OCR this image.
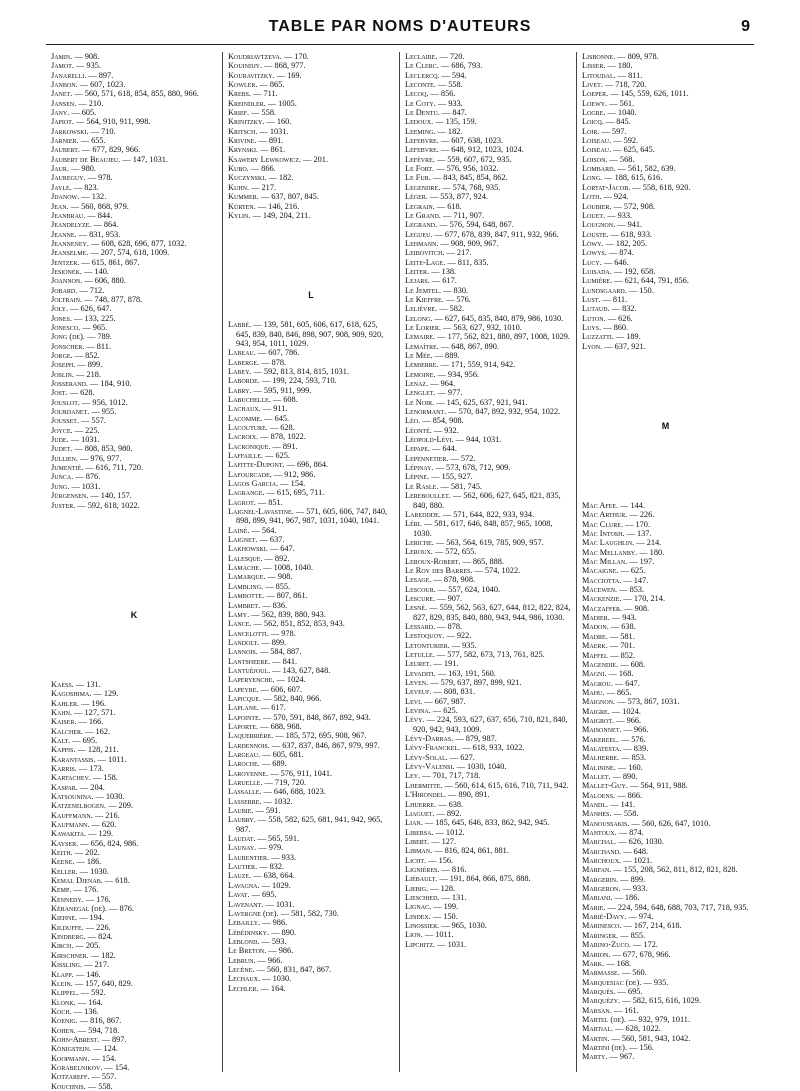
TABLE PAR NOMS D'AUTEURS	9
Jamin. — 908.
Jamot. — 935.
Janarelli. — 897.
Janbon. — 607, 1023.
Janet. — 560, 571, 618, 854, 855, 880, 966.
Jansen. — 210.
Jany. — 605.
Japiot. — 564, 910, 911, 998.
Jarkowski. — 710.
Jarnier. — 655.
Jaubert. — 677, 829, 966.
Jaubert de Beaujeu. — 147, 1031.
Jaur. — 980.
Jaureguy. — 978.
Jayle. — 823.
Jdanow. — 132.
Jean. — 560, 868, 979.
Jeanbrau. — 844.
Jeandelyze. — 864.
Jeanne. — 831, 953.
Jeanneney. — 608, 628, 696, 877, 1032.
Jeanselme. — 207, 574, 618, 1009.
Jentzer. — 615, 861, 867.
Jesionek. — 140.
Joannon. — 606, 880.
Jobard. — 712.
Joltrain. — 748, 877, 878.
Joly. — 626, 647.
Jones. — 133, 225.
Jonesco. — 965.
Jong (de). — 789.
Jonscher. — 811.
Jorge. — 852.
Joseph. — 899.
Joslin. — 218.
Josserand. — 184, 910.
Jost. — 628.
Jouslot. — 956, 1012.
Jourdanet. — 955.
Jousset. — 557.
Joyce. — 225.
Jude. — 1031.
Judet. — 808, 853, 980.
Jullien. — 976, 977.
Jumentié. — 616, 711, 720.
Junca. — 876.
Jung. — 1031.
Jürgensen. — 140, 157.
Juster. — 592, 618, 1022.
K
Kaess. — 131.
Kagoshima. — 129.
Kahler. — 196.
Kahn. — 127, 571.
Kaiser. — 166.
Kalcher. — 162.
Kalt. — 695.
Kappis. — 128, 211.
Karantassis. — 1011.
Karris. — 173.
Kartachev. — 158.
Kaspar. — 204.
Katsounina. — 1030.
Katzenelbogen. — 209.
Kauffmann. — 216.
Kaufmann. — 620.
Kawakita. — 129.
Kayser. — 656, 824, 986.
Keith. — 202.
Keene. — 186.
Keller. — 1030.
Kemal Djenab. — 618.
Kemp. — 176.
Kennedy. — 176.
Kéranegal (de). — 876.
Kiehne. — 194.
Kilduffe. — 226.
Kindberg. — 824.
Kirch. — 205.
Kirschner. — 182.
Kissling. — 217.
Klapp. — 146.
Klein. — 157, 640, 829.
Klippel. — 592.
Klonk. — 164.
Koch. — 136.
Koenig. — 816, 867.
Kohen. — 594, 718.
Kohn-Abrest. — 897.
Königstein. — 124.
Koopmann. — 154.
Korabelnikov. — 154.
Kotzareff. — 557.
Kouchnis. — 558.
Koudriavtzeva. — 170.
Kouindjy. — 868, 977.
Kouravitzky. — 169.
Kowler. — 865.
Krebs. — 711.
Kreindler. — 1005.
Krief. — 558.
Krinitzky. — 160.
Kritsch. — 1031.
Krivine. — 891.
Krynski. — 861.
Ksawery Lewkowicz. — 201.
Kubo. — 866.
Kuczynski. — 182.
Kuhn. — 217.
Kummer. — 637, 807, 845.
Kürten. — 146, 216.
Kylin. — 149, 204, 211.
L
Labbé. — 139, 581, 605, 606, 617, 618, 625, 645, 839, 840, 846, 898, 907, 908, 909, 920, 943, 954, 1011, 1029.
Labeau. — 607, 786.
Laberge. — 878.
Labey. — 592, 813, 814, 815, 1031.
Laborde. — 199, 224, 593, 710.
Labry. — 595, 911, 999.
Labuchelle. — 608.
Lachaux. — 911.
Lacomme. — 645.
Lacouture. — 628.
Lacroix. — 878, 1022.
Lacronique. — 891.
Laffaille. — 625.
Lafitte-Dupont. — 696, 864.
Lafourcade. — 912, 986.
Lagos Garcia. — 154.
Lagrange. — 615, 695, 711.
Lagrot. — 851.
Laignel-Lavastine. — 571, 605, 606, 747, 840, 898, 899, 941, 967, 987, 1031, 1040, 1041.
Lainé. — 564.
Laignet. — 637.
Lakhowski. — 647.
Lalesque. — 892.
Lamache. — 1008, 1040.
Lamarque. — 908.
Lambling. — 855.
Lambotte. — 807, 861.
Lambret. — 836.
Lamy. — 562, 839, 880, 943.
Lance. — 562, 851, 852, 853, 943.
Lancelotti. — 978.
Landolt. — 899.
Lannois. — 584, 887.
Lantsheere. — 841.
Lantuéjoul. — 143, 627, 848.
Laperyenche. — 1024.
Lapeyre. — 606, 607.
Lapicque. — 582, 840, 966.
Laplane. — 617.
Lapointe. — 570, 591, 848, 867, 892, 943.
Laporte. — 688, 968.
Laquerrière. — 185, 572, 695, 908, 967.
Lardennois. — 637, 837, 846, 867, 979, 997.
Largeau. — 605, 681.
Laroche. — 689.
Laroyenne. — 576, 911, 1041.
Laruelle. — 719, 720.
Lassalle. — 646, 688, 1023.
Lasserre. — 1032.
Laubie. — 591.
Laubry. — 558, 582, 625, 681, 941, 942, 965, 987.
Laudat. — 565, 591.
Launay. — 979.
Laurentier. — 933.
Lautier. — 832.
Lauze. — 638, 664.
Lavagna. — 1029.
Lavat. — 695.
Lavenant. — 1031.
Lavergne (de). — 581, 582, 730.
Lebailly. — 986.
Lébédinsky. — 890.
Leblond. — 593.
Le Breton. — 986.
Lebrun. — 966.
Lecène. — 560, 831, 847, 867.
Lechaux. — 1030.
Lechler. — 164.
Leclaire. — 720.
Le Clerc. — 686, 793.
Leclercq. — 594.
Leconte. — 558.
Lecoq. — 856.
Le Coty. — 933.
Le Dentu. — 847.
Ledoux. — 135, 159.
Leeming. — 182.
Lefebvre. — 607, 638, 1023.
Lefebvre. — 648, 912, 1023, 1024.
Lefèvre. — 559, 607, 672, 935.
Le Fort. — 576, 956, 1032.
Le Fur. — 843, 845, 854, 862.
Legendre. — 574, 768, 935.
Léger. — 553, 877, 924.
Legrain. — 618.
Le Grand. — 711, 907.
Legrand. — 576, 594, 648, 867.
Legueu. — 677, 678, 839, 847, 911, 932, 966.
Lehmann. — 908, 909, 967.
Leibovitch. — 217.
Leite-Lage. — 811, 835.
Leiter. — 138.
Lejars. — 617.
Le Jemtel. — 830.
Le Kieffre. — 576.
Lelièvre. — 582.
Lelong. — 627, 645, 835, 840, 879, 986, 1030.
Le Lorier. — 563, 627, 932, 1010.
Lemaire. — 177, 562, 821, 880, 897, 1008, 1029.
Lemaître. — 648, 867, 890.
Le Mée. — 889.
Lemierre. — 171, 559, 914, 942.
Lemoine. — 934, 956.
Lenaz. — 964.
Lenglet. — 977.
Le Noir. — 145, 625, 637, 921, 941.
Lenormant. — 570, 847, 892, 932, 954, 1022.
Léo. — 854, 908.
Léonté. — 932.
Léopold-Lévi. — 944, 1031.
Lepape. — 644.
Lepennetier. — 572.
Lépinay. — 573, 678, 712, 909.
Lépine. — 155, 927.
Le Rasle. — 581, 745.
Lereboullet. — 562, 606, 627, 645, 821, 835, 840, 880.
Lareddde. — 571, 644, 822, 933, 934.
Léri. — 581, 617, 646, 848, 857, 965, 1008, 1030.
Leriche. — 563, 564, 619, 785, 909, 957.
Leroux. — 572, 655.
Leroux-Robert. — 865, 888.
Le Roy des Barres. — 574, 1022.
Lesage. — 878, 908.
Lescour. — 557, 624, 1040.
Lescure. — 907.
Lesné. — 559, 562, 563, 627, 644, 812, 822, 824, 827, 829, 835, 840, 880, 943, 944, 986, 1030.
Lessard. — 878.
Lestoquoy. — 922.
Letonturier. — 935.
Letulle. — 577, 582, 673, 713, 761, 825.
Leuret. — 191.
Levaditi. — 163, 191, 560.
Leven. — 579, 637, 897, 899, 921.
Leveuf. — 808, 831.
Levi. — 667, 987.
Levina. — 625.
Lévy. — 224, 593, 627, 637, 656, 710, 821, 840, 920, 942, 943, 1009.
Lévy-Darras. — 879, 987.
Lévy-Franckel. — 618, 933, 1022.
Lévy-Solal. — 627.
Lévy-Valensi. — 1030, 1040.
Ley. — 701, 717, 718.
Lhermitte. — 560, 614, 615, 616, 710, 711, 942.
L'Hirondel. — 890, 891.
Lhuerre. — 638.
Liaguet. — 892.
Lian. — 185, 645, 646, 833, 862, 942, 945.
Libersa. — 1012.
Libert. — 127.
Libman. — 816, 824, 861, 881.
Licht. — 156.
Lignières. — 816.
Liébault. — 191, 864, 866, 875, 888.
Liebig. — 128.
Lieschied. — 131.
Lignac. — 199.
Lindex. — 150.
Linossier. — 965, 1030.
Lion. — 1011.
Lipchitz. — 1031.
Lisbonne. — 809, 978.
Lisser. — 180.
Litoudal. — 811.
Livet. — 718, 720.
Loeper. — 145, 559, 626, 1011.
Loewy. — 561.
Logre. — 1040.
Loicq. — 845.
Loir. — 597.
Loiseau. — 592.
Loiseau. — 625, 645.
Loison. — 568.
Lombard. — 561, 582, 639.
Long. — 188, 615, 616.
Lortat-Jacob. — 558, 618, 920.
Loth. — 924.
Loubier. — 572, 908.
Louet. — 933.
Lougnon. — 941.
Louste. — 618, 933.
Löwy. — 182, 205.
Lowys. — 874.
Lucy. — 646.
Luisada. — 192, 658.
Lumière. — 621, 644, 791, 856.
Lundsgaard. — 150.
Lust. — 811.
Lutaud. — 832.
Luton. — 626.
Luys. — 860.
Luzzatti. — 189.
Lyon. — 637, 921.
M
Mac Afee. — 144.
Mac Arthur. — 226.
Mac Clure. — 170.
Mac Intosh. — 137.
Mac Laughlin. — 214.
Mac Mellanby. — 180.
Mac Millan. — 197.
Macaigne. — 625.
Macciotta. — 147.
Macewen. — 853.
Mackenzie. — 170, 214.
Maczaffer. — 908.
Madier. — 943.
Madon. — 638.
Madre. — 581.
Maerk. — 701.
Maffei. — 852.
Magendie. — 608.
Magni. — 168.
Magrou. — 647.
Mahu. — 865.
Maignon. — 573, 867, 1031.
Maigre. — 1024.
Maigrot. — 966.
Maisonnet. — 966.
Makereel. — 576.
Malatesta. — 839.
Malherbe. — 853.
Malinine. — 160.
Mallet. — 890.
Mallet-Guy. — 564, 911, 988.
Maloens. — 866.
Mandl. — 141.
Manhes. — 558.
Manoussakis. — 560, 626, 647, 1010.
Mantoux. — 874.
Marchal. — 626, 1030.
Marchand. — 648.
Marchoux. — 1021.
Marfan. — 155, 208, 562, 811, 812, 821, 828.
Margerin. — 899.
Margeron. — 933.
Mariani. — 186.
Marie. — 224, 594, 648, 688, 703, 717, 718, 935.
Marié-Davy. — 974.
Marinesco. — 167, 214, 618.
Maringer. — 855.
Marino-Zuco. — 172.
Marion. — 677, 678, 966.
Mark. — 168.
Marmasse. — 560.
Marquesiac (de). — 935.
Marquès. — 695.
Marquézy. — 582, 615, 616, 1029.
Marsan. — 161.
Martel (de). — 932, 979, 1011.
Martial. — 628, 1022.
Martin. — 560, 581, 943, 1042.
Martini (de). — 156.
Marty. — 967.
